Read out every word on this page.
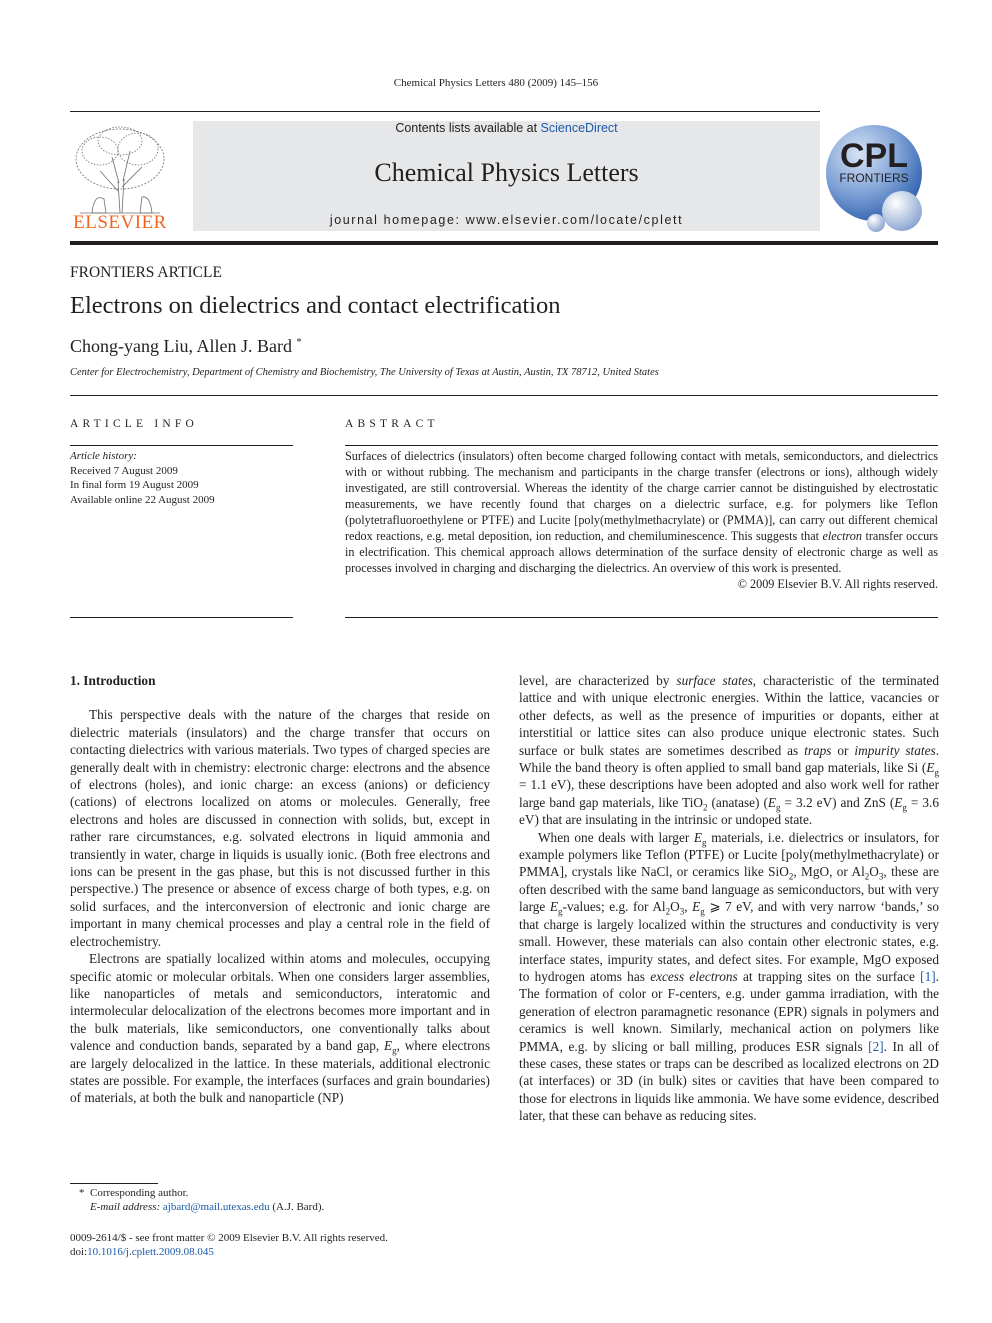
Chemical Physics Letters 480 (2009) 145–156
ELSEVIER
Contents lists available at ScienceDirect
Chemical Physics Letters
journal homepage: www.elsevier.com/locate/cplett
CPL
FRONTIERS
FRONTIERS ARTICLE
Electrons on dielectrics and contact electrification
Chong-yang Liu, Allen J. Bard *
Center for Electrochemistry, Department of Chemistry and Biochemistry, The University of Texas at Austin, Austin, TX 78712, United States
ARTICLE INFO	ABSTRACT
Article history:
Received 7 August 2009
In final form 19 August 2009
Available online 22 August 2009
Surfaces of dielectrics (insulators) often become charged following contact with metals, semiconductors, and dielectrics with or without rubbing. The mechanism and participants in the charge transfer (electrons or ions), although widely investigated, are still controversial. Whereas the identity of the charge carrier cannot be distinguished by electrostatic measurements, we have recently found that charges on a dielectric surface, e.g. for polymers like Teflon (polytetrafluoroethylene or PTFE) and Lucite [poly(methylmethacrylate) or (PMMA)], can carry out different chemical redox reactions, e.g. metal deposition, ion reduction, and chemiluminescence. This suggests that electron transfer occurs in electrification. This chemical approach allows determination of the surface density of electronic charge as well as processes involved in charging and discharging the dielectrics. An overview of this work is presented.
© 2009 Elsevier B.V. All rights reserved.
1. Introduction

This perspective deals with the nature of the charges that reside on dielectric materials (insulators) and the charge transfer that occurs on contacting dielectrics with various materials. Two types of charged species are generally dealt with in chemistry: electronic charge: electrons and the absence of electrons (holes), and ionic charge: an excess (anions) or deficiency (cations) of electrons localized on atoms or molecules. Generally, free electrons and holes are discussed in connection with solids, but, except in rather rare circumstances, e.g. solvated electrons in liquid ammonia and transiently in water, charge in liquids is usually ionic. (Both free electrons and ions can be present in the gas phase, but this is not discussed further in this perspective.) The presence or absence of excess charge of both types, e.g. on solid surfaces, and the interconversion of electronic and ionic charge are important in many chemical processes and play a central role in the field of electrochemistry.

Electrons are spatially localized within atoms and molecules, occupying specific atomic or molecular orbitals. When one considers larger assemblies, like nanoparticles of metals and semiconductors, interatomic and intermolecular delocalization of the electrons becomes more important and in the bulk materials, like semiconductors, one conventionally talks about valence and conduction bands, separated by a band gap, $E_g$, where electrons are largely delocalized in the lattice. In these materials, additional electronic states are possible. For example, the interfaces (surfaces and grain boundaries) of materials, at both the bulk and nanoparticle (NP)

level, are characterized by surface states, characteristic of the terminated lattice and with unique electronic energies. Within the lattice, vacancies or other defects, as well as the presence of impurities or dopants, either at interstitial or lattice sites can also produce unique electronic states. Such surface or bulk states are sometimes described as traps or impurity states. While the band theory is often applied to small band gap materials, like Si ($E_g = 1.1$ eV), these descriptions have been adopted and also work well for rather large band gap materials, like TiO$_2$ (anatase) ($E_g = 3.2$ eV) and ZnS ($E_g = 3.6$ eV) that are insulating in the intrinsic or undoped state.

When one deals with larger $E_g$ materials, i.e. dielectrics or insulators, for example polymers like Teflon (PTFE) or Lucite [poly(methylmethacrylate) or PMMA], crystals like NaCl, or ceramics like SiO$_2$, MgO, or $Al_2O_3$, these are often described with the same band language as semiconductors, but with very large $E_g$-values; e.g. for $Al_2O_3$, $E_g$ ⩾ 7 eV, and with very narrow ‘bands,’ so that charge is largely localized within the structures and conductivity is very small. However, these materials can also contain other electronic states, e.g. interface states, impurity states, and defect sites. For example, MgO exposed to hydrogen atoms has excess electrons at trapping sites on the surface [1]. The formation of color or F-centers, e.g. under gamma irradiation, with the generation of electron paramagnetic resonance (EPR) signals in polymers and ceramics is well known. Similarly, mechanical action on polymers like PMMA, e.g. by slicing or ball milling, produces ESR signals [2]. In all of these cases, these states or traps can be described as localized electrons on 2D (at interfaces) or 3D (in bulk) sites or cavities that have been compared to those for electrons in liquids like ammonia. We have some evidence, described later, that these can behave as reducing sites.

* Corresponding author.
E-mail address: ajbard@mail.utexas.edu (A.J. Bard).
0009-2614/$ - see front matter © 2009 Elsevier B.V. All rights reserved.
doi:10.1016/j.cplett.2009.08.045
